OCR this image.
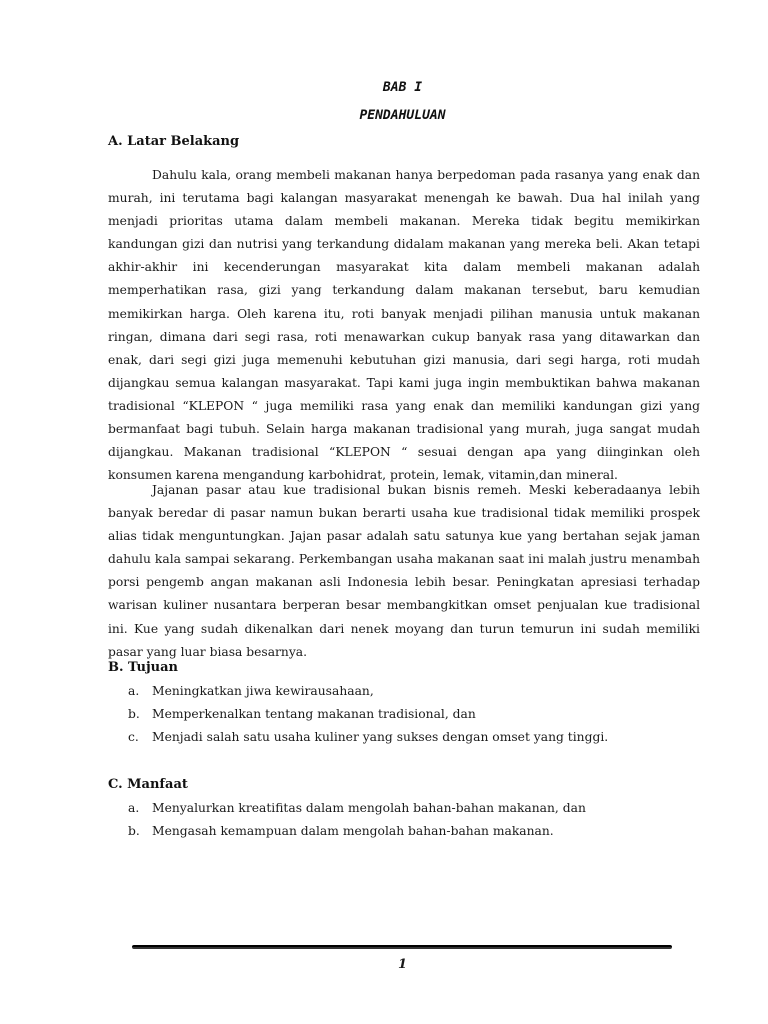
BAB I
PENDAHULUAN
A. Latar Belakang

Dahulu kala, orang membeli makanan hanya berpedoman pada rasanya yang enak dan murah, ini terutama bagi kalangan masyarakat menengah ke bawah. Dua hal inilah yang menjadi prioritas utama dalam membeli makanan. Mereka tidak begitu memikirkan kandungan gizi dan nutrisi yang terkandung didalam makanan yang mereka beli. Akan tetapi akhir-akhir ini kecenderungan masyarakat kita dalam membeli makanan adalah memperhatikan rasa, gizi yang terkandung dalam makanan tersebut, baru kemudian memikirkan harga. Oleh karena itu, roti banyak menjadi pilihan manusia untuk makanan ringan, dimana dari segi rasa, roti menawarkan cukup banyak rasa yang ditawarkan dan enak, dari segi gizi juga memenuhi kebutuhan gizi manusia, dari segi harga, roti mudah dijangkau semua kalangan masyarakat. Tapi kami juga ingin membuktikan bahwa makanan tradisional “KLEPON “ juga memiliki rasa yang enak dan memiliki kandungan gizi yang bermanfaat bagi tubuh. Selain harga makanan tradisional yang murah, juga sangat mudah dijangkau. Makanan tradisional “KLEPON “ sesuai dengan apa yang diinginkan oleh konsumen karena mengandung karbohidrat, protein, lemak, vitamin,dan mineral.

Jajanan pasar atau kue tradisional bukan bisnis remeh. Meski keberadaanya lebih banyak beredar di pasar namun bukan berarti usaha kue tradisional tidak memiliki prospek alias tidak menguntungkan. Jajan pasar adalah satu satunya kue yang bertahan sejak jaman dahulu kala sampai sekarang. Perkembangan usaha makanan saat ini malah justru menambah porsi pengemb angan makanan asli Indonesia lebih besar. Peningkatan apresiasi terhadap warisan kuliner nusantara berperan besar membangkitkan omset penjualan kue tradisional ini. Kue yang sudah dikenalkan dari nenek moyang dan turun temurun ini sudah memiliki pasar yang luar biasa besarnya.

B. Tujuan
a. Meningkatkan jiwa kewirausahaan,
b. Memperkenalkan tentang makanan tradisional, dan
c. Menjadi salah satu usaha kuliner yang sukses dengan omset yang tinggi.
C. Manfaat
a. Menyalurkan kreatifitas dalam mengolah bahan-bahan makanan, dan
b. Mengasah kemampuan dalam mengolah bahan-bahan makanan.
1
